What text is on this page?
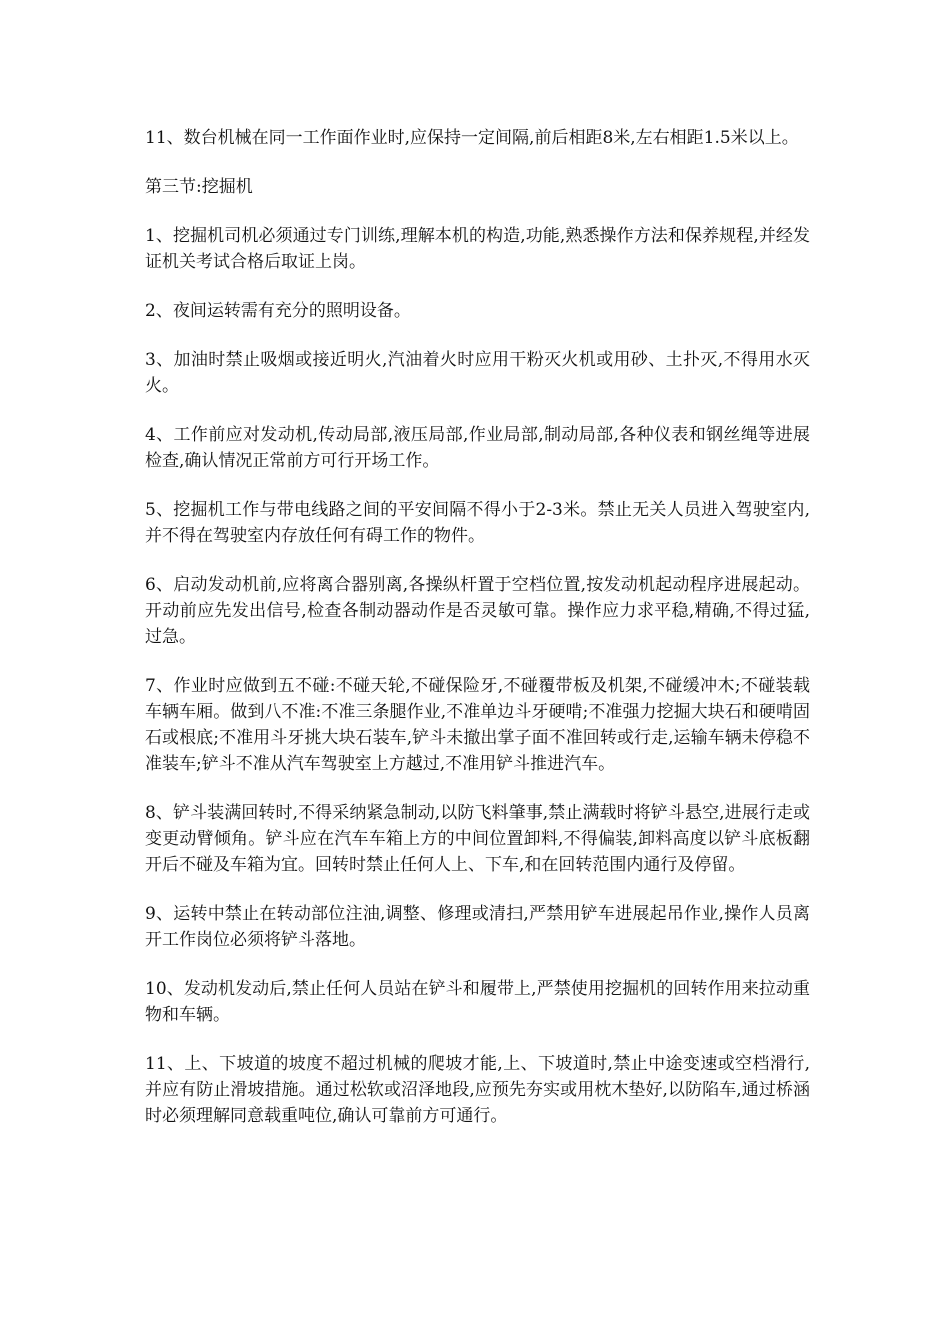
11、数台机械在同一工作面作业时,应保持一定间隔,前后相距8米,左右相距1.5米以上。

第三节:挖掘机

1、挖掘机司机必须通过专门训练,理解本机的构造,功能,熟悉操作方法和保养规程,并经发证机关考试合格后取证上岗。

2、夜间运转需有充分的照明设备。

3、加油时禁止吸烟或接近明火,汽油着火时应用干粉灭火机或用砂、土扑灭,不得用水灭火。

4、工作前应对发动机,传动局部,液压局部,作业局部,制动局部,各种仪表和钢丝绳等进展检查,确认情况正常前方可行开场工作。

5、挖掘机工作与带电线路之间的平安间隔不得小于2-3米。禁止无关人员进入驾驶室内,并不得在驾驶室内存放任何有碍工作的物件。

6、启动发动机前,应将离合器别离,各操纵杆置于空档位置,按发动机起动程序进展起动。开动前应先发出信号,检查各制动器动作是否灵敏可靠。操作应力求平稳,精确,不得过猛,过急。

7、作业时应做到五不碰:不碰天轮,不碰保险牙,不碰覆带板及机架,不碰缓冲木;不碰装载车辆车厢。做到八不准:不准三条腿作业,不准单边斗牙硬啃;不准强力挖掘大块石和硬啃固石或根底;不准用斗牙挑大块石装车,铲斗未撤出掌子面不准回转或行走,运输车辆未停稳不准装车;铲斗不准从汽车驾驶室上方越过,不准用铲斗推进汽车。

8、铲斗装满回转时,不得采纳紧急制动,以防飞料肇事,禁止满载时将铲斗悬空,进展行走或变更动臂倾角。铲斗应在汽车车箱上方的中间位置卸料,不得偏装,卸料高度以铲斗底板翻开后不碰及车箱为宜。回转时禁止任何人上、下车,和在回转范围内通行及停留。

9、运转中禁止在转动部位注油,调整、修理或清扫,严禁用铲车进展起吊作业,操作人员离开工作岗位必须将铲斗落地。

10、发动机发动后,禁止任何人员站在铲斗和履带上,严禁使用挖掘机的回转作用来拉动重物和车辆。

11、上、下坡道的坡度不超过机械的爬坡才能,上、下坡道时,禁止中途变速或空档滑行,并应有防止滑坡措施。通过松软或沼泽地段,应预先夯实或用枕木垫好,以防陷车,通过桥涵时必须理解同意载重吨位,确认可靠前方可通行。
